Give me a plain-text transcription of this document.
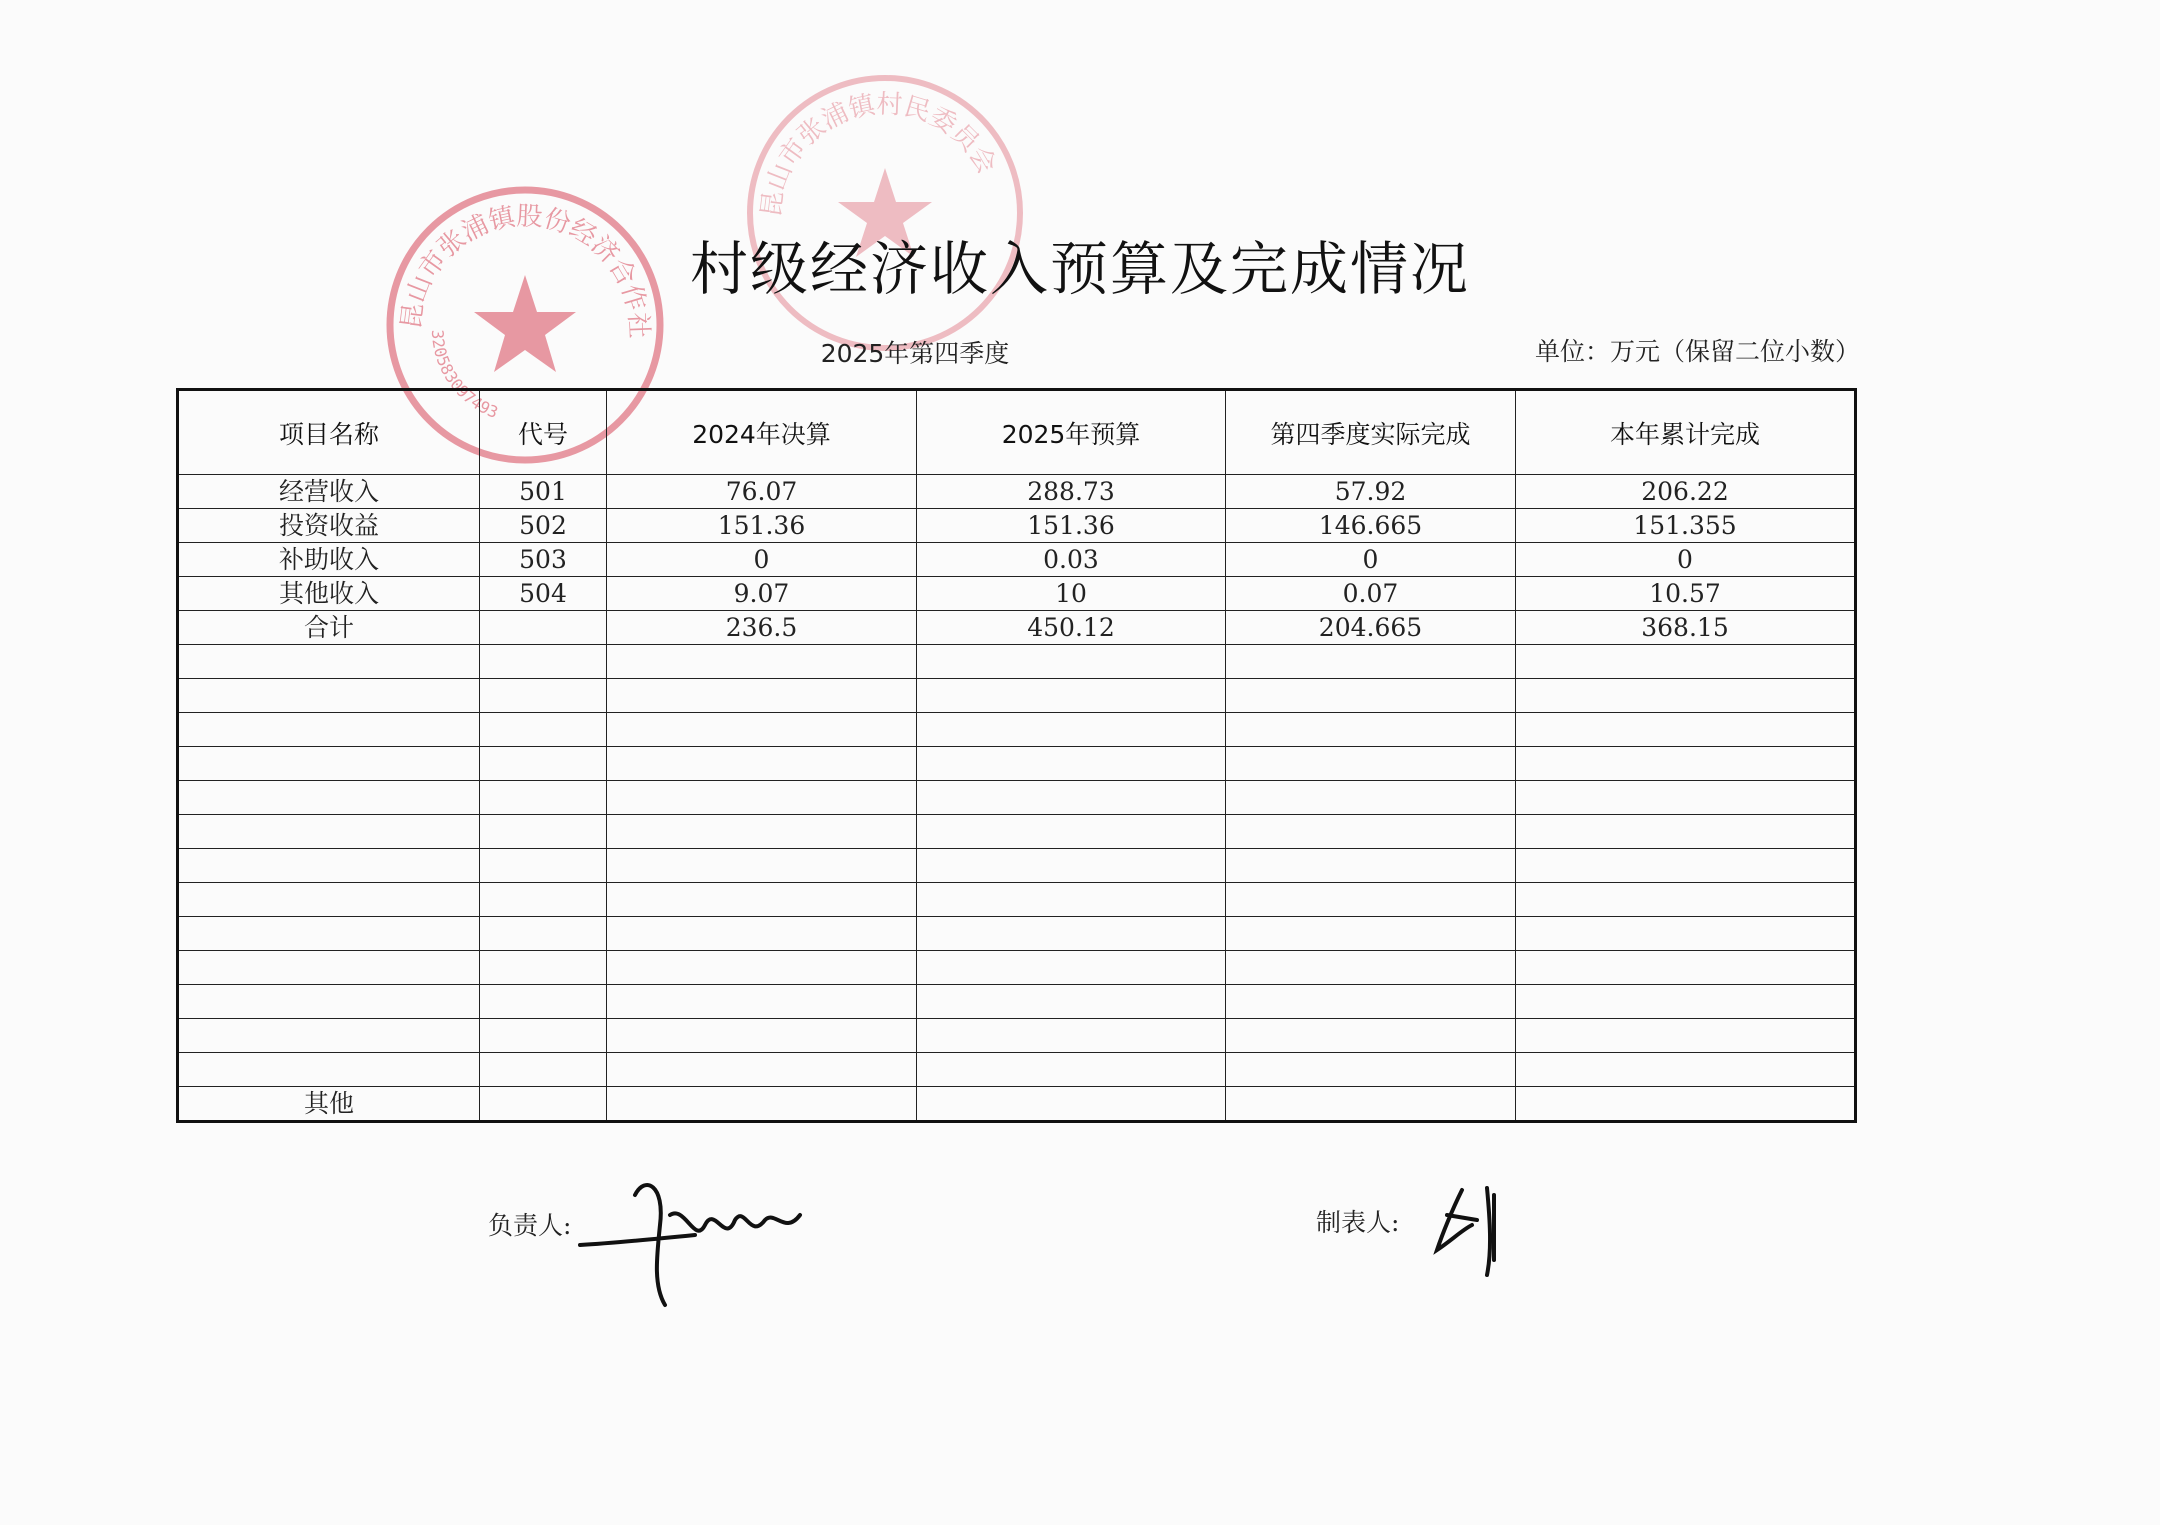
昆山市张浦镇股份经济合作社
320583097493
昆山市张浦镇村民委员会
村级经济收入预算及完成情况
2025年第四季度	单位：万元（保留二位小数）
项目名称	代号	2024年决算	2025年预算	第四季度实际完成	本年累计完成
经营收入	501	76.07	288.73	57.92	206.22
投资收益	502	151.36	151.36	146.665	151.355
补助收入	503	0	0.03	0	0
其他收入	504	9.07	10	0.07	10.57
合计		236.5	450.12	204.665	368.15

其他					
负责人:	制表人:
